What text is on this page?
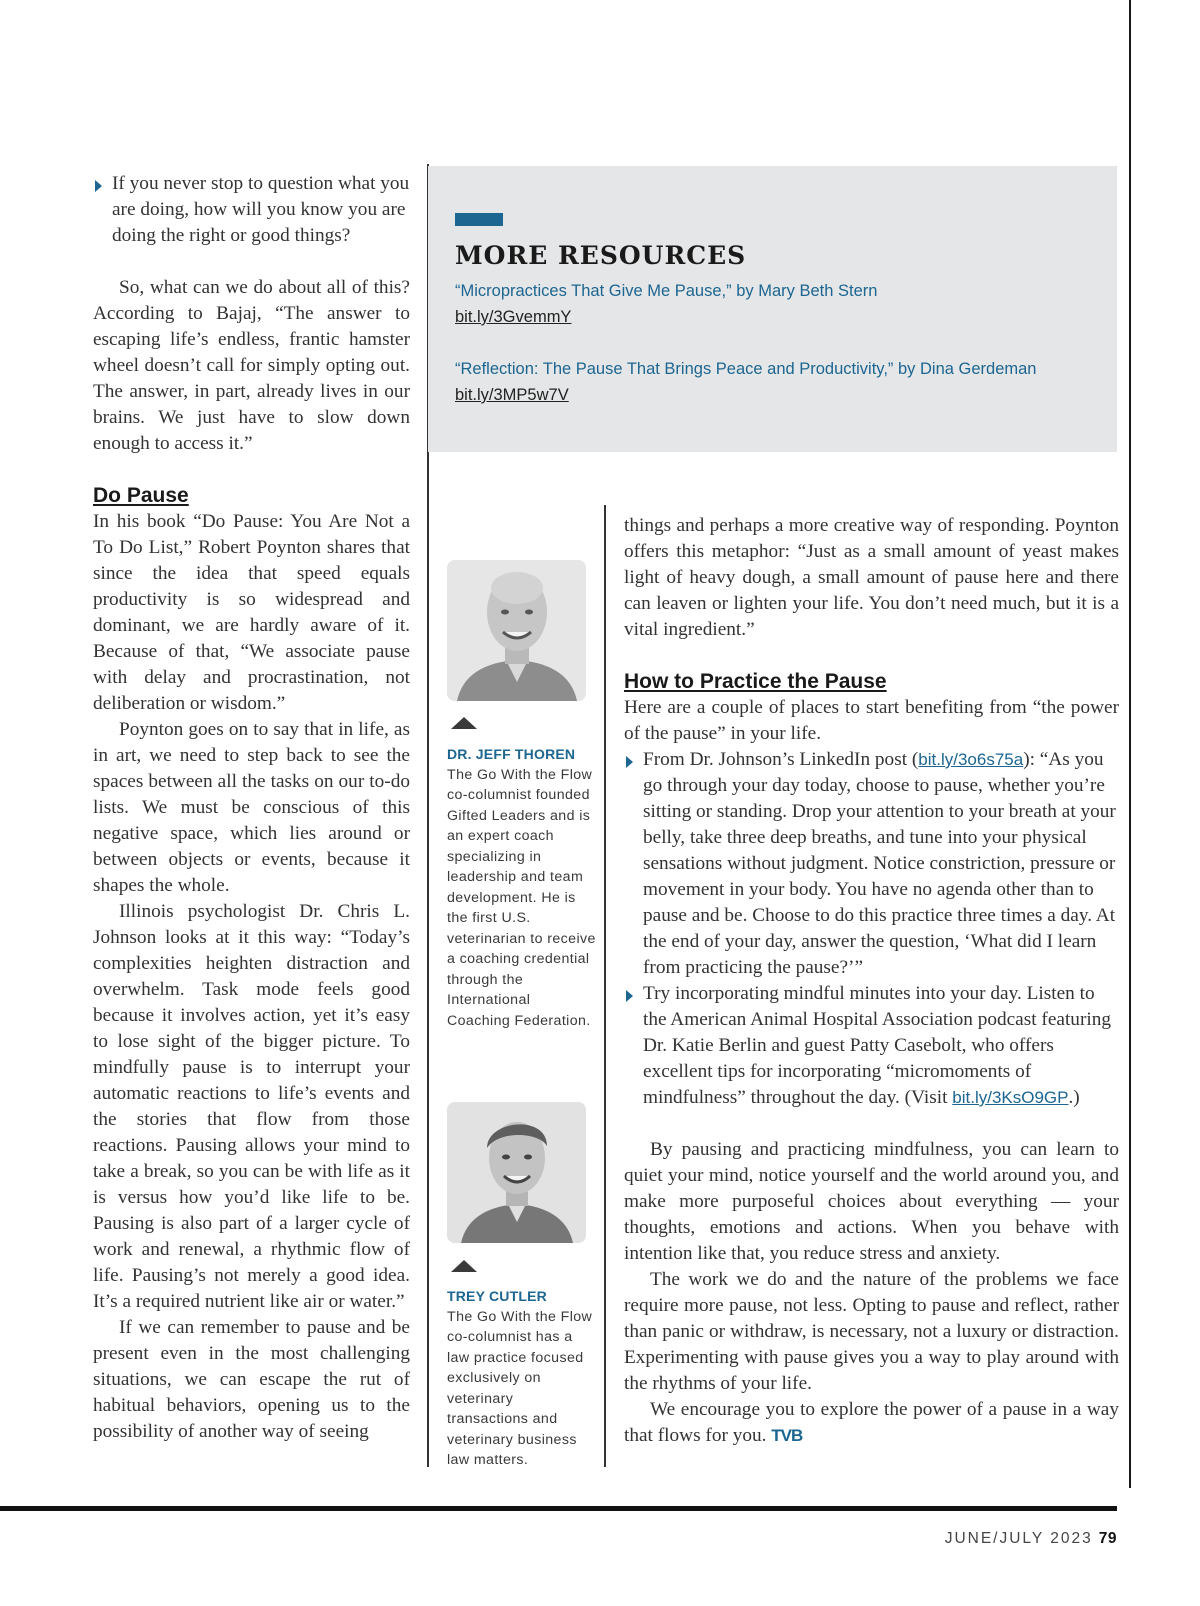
If you never stop to question what you are doing, how will you know you are doing the right or good things?

So, what can we do about all of this? According to Bajaj, “The answer to escaping life’s endless, frantic hamster wheel doesn’t call for simply opting out. The answer, in part, already lives in our brains. We just have to slow down enough to access it.”

Do Pause

In his book “Do Pause: You Are Not a To Do List,” Robert Poynton shares that since the idea that speed equals productivity is so widespread and dominant, we are hardly aware of it. Because of that, “We associate pause with delay and procrastination, not deliberation or wisdom.”

Poynton goes on to say that in life, as in art, we need to step back to see the spaces between all the tasks on our to-do lists. We must be conscious of this negative space, which lies around or between objects or events, because it shapes the whole.

Illinois psychologist Dr. Chris L. Johnson looks at it this way: “Today’s complexities heighten distraction and overwhelm. Task mode feels good because it involves action, yet it’s easy to lose sight of the bigger picture. To mindfully pause is to interrupt your automatic reactions to life’s events and the stories that flow from those reactions. Pausing allows your mind to take a break, so you can be with life as it is versus how you’d like life to be. Pausing is also part of a larger cycle of work and renewal, a rhythmic flow of life. Pausing’s not merely a good idea. It’s a required nutrient like air or water.”

If we can remember to pause and be present even in the most challenging situations, we can escape the rut of habitual behaviors, opening us to the possibility of another way of seeing

MORE RESOURCES
“Micropractices That Give Me Pause,” by Mary Beth Stern
bit.ly/3GvemmY
“Reflection: The Pause That Brings Peace and Productivity,” by Dina Gerdeman
bit.ly/3MP5w7V
DR. JEFF THOREN
The Go With the Flow co-columnist founded Gifted Leaders and is an expert coach specializing in leadership and team development. He is the first U.S. veterinarian to receive a coaching credential through the International Coaching Federation.
TREY CUTLER
The Go With the Flow co-columnist has a law practice focused exclusively on veterinary transactions and veterinary business law matters.

things and perhaps a more creative way of responding. Poynton offers this metaphor: “Just as a small amount of yeast makes light of heavy dough, a small amount of pause here and there can leaven or lighten your life. You don’t need much, but it is a vital ingredient.”

How to Practice the Pause

Here are a couple of places to start benefiting from “the power of the pause” in your life.

From Dr. Johnson’s LinkedIn post (bit.ly/3o6s75a): “As you go through your day today, choose to pause, whether you’re sitting or standing. Drop your attention to your breath at your belly, take three deep breaths, and tune into your physical sensations without judgment. Notice constriction, pressure or movement in your body. You have no agenda other than to pause and be. Choose to do this practice three times a day. At the end of your day, answer the question, ‘What did I learn from practicing the pause?’”
Try incorporating mindful minutes into your day. Listen to the American Animal Hospital Association podcast featuring Dr. Katie Berlin and guest Patty Casebolt, who offers excellent tips for incorporating “micromoments of mindfulness” throughout the day. (Visit bit.ly/3KsO9GP.)

By pausing and practicing mindfulness, you can learn to quiet your mind, notice yourself and the world around you, and make more purposeful choices about everything — your thoughts, emotions and actions. When you behave with intention like that, you reduce stress and anxiety.

The work we do and the nature of the problems we face require more pause, not less. Opting to pause and reflect, rather than panic or withdraw, is necessary, not a luxury or distraction. Experimenting with pause gives you a way to play around with the rhythms of your life.

We encourage you to explore the power of a pause in a way that flows for you. TVB

JUNE/JULY 2023 79
